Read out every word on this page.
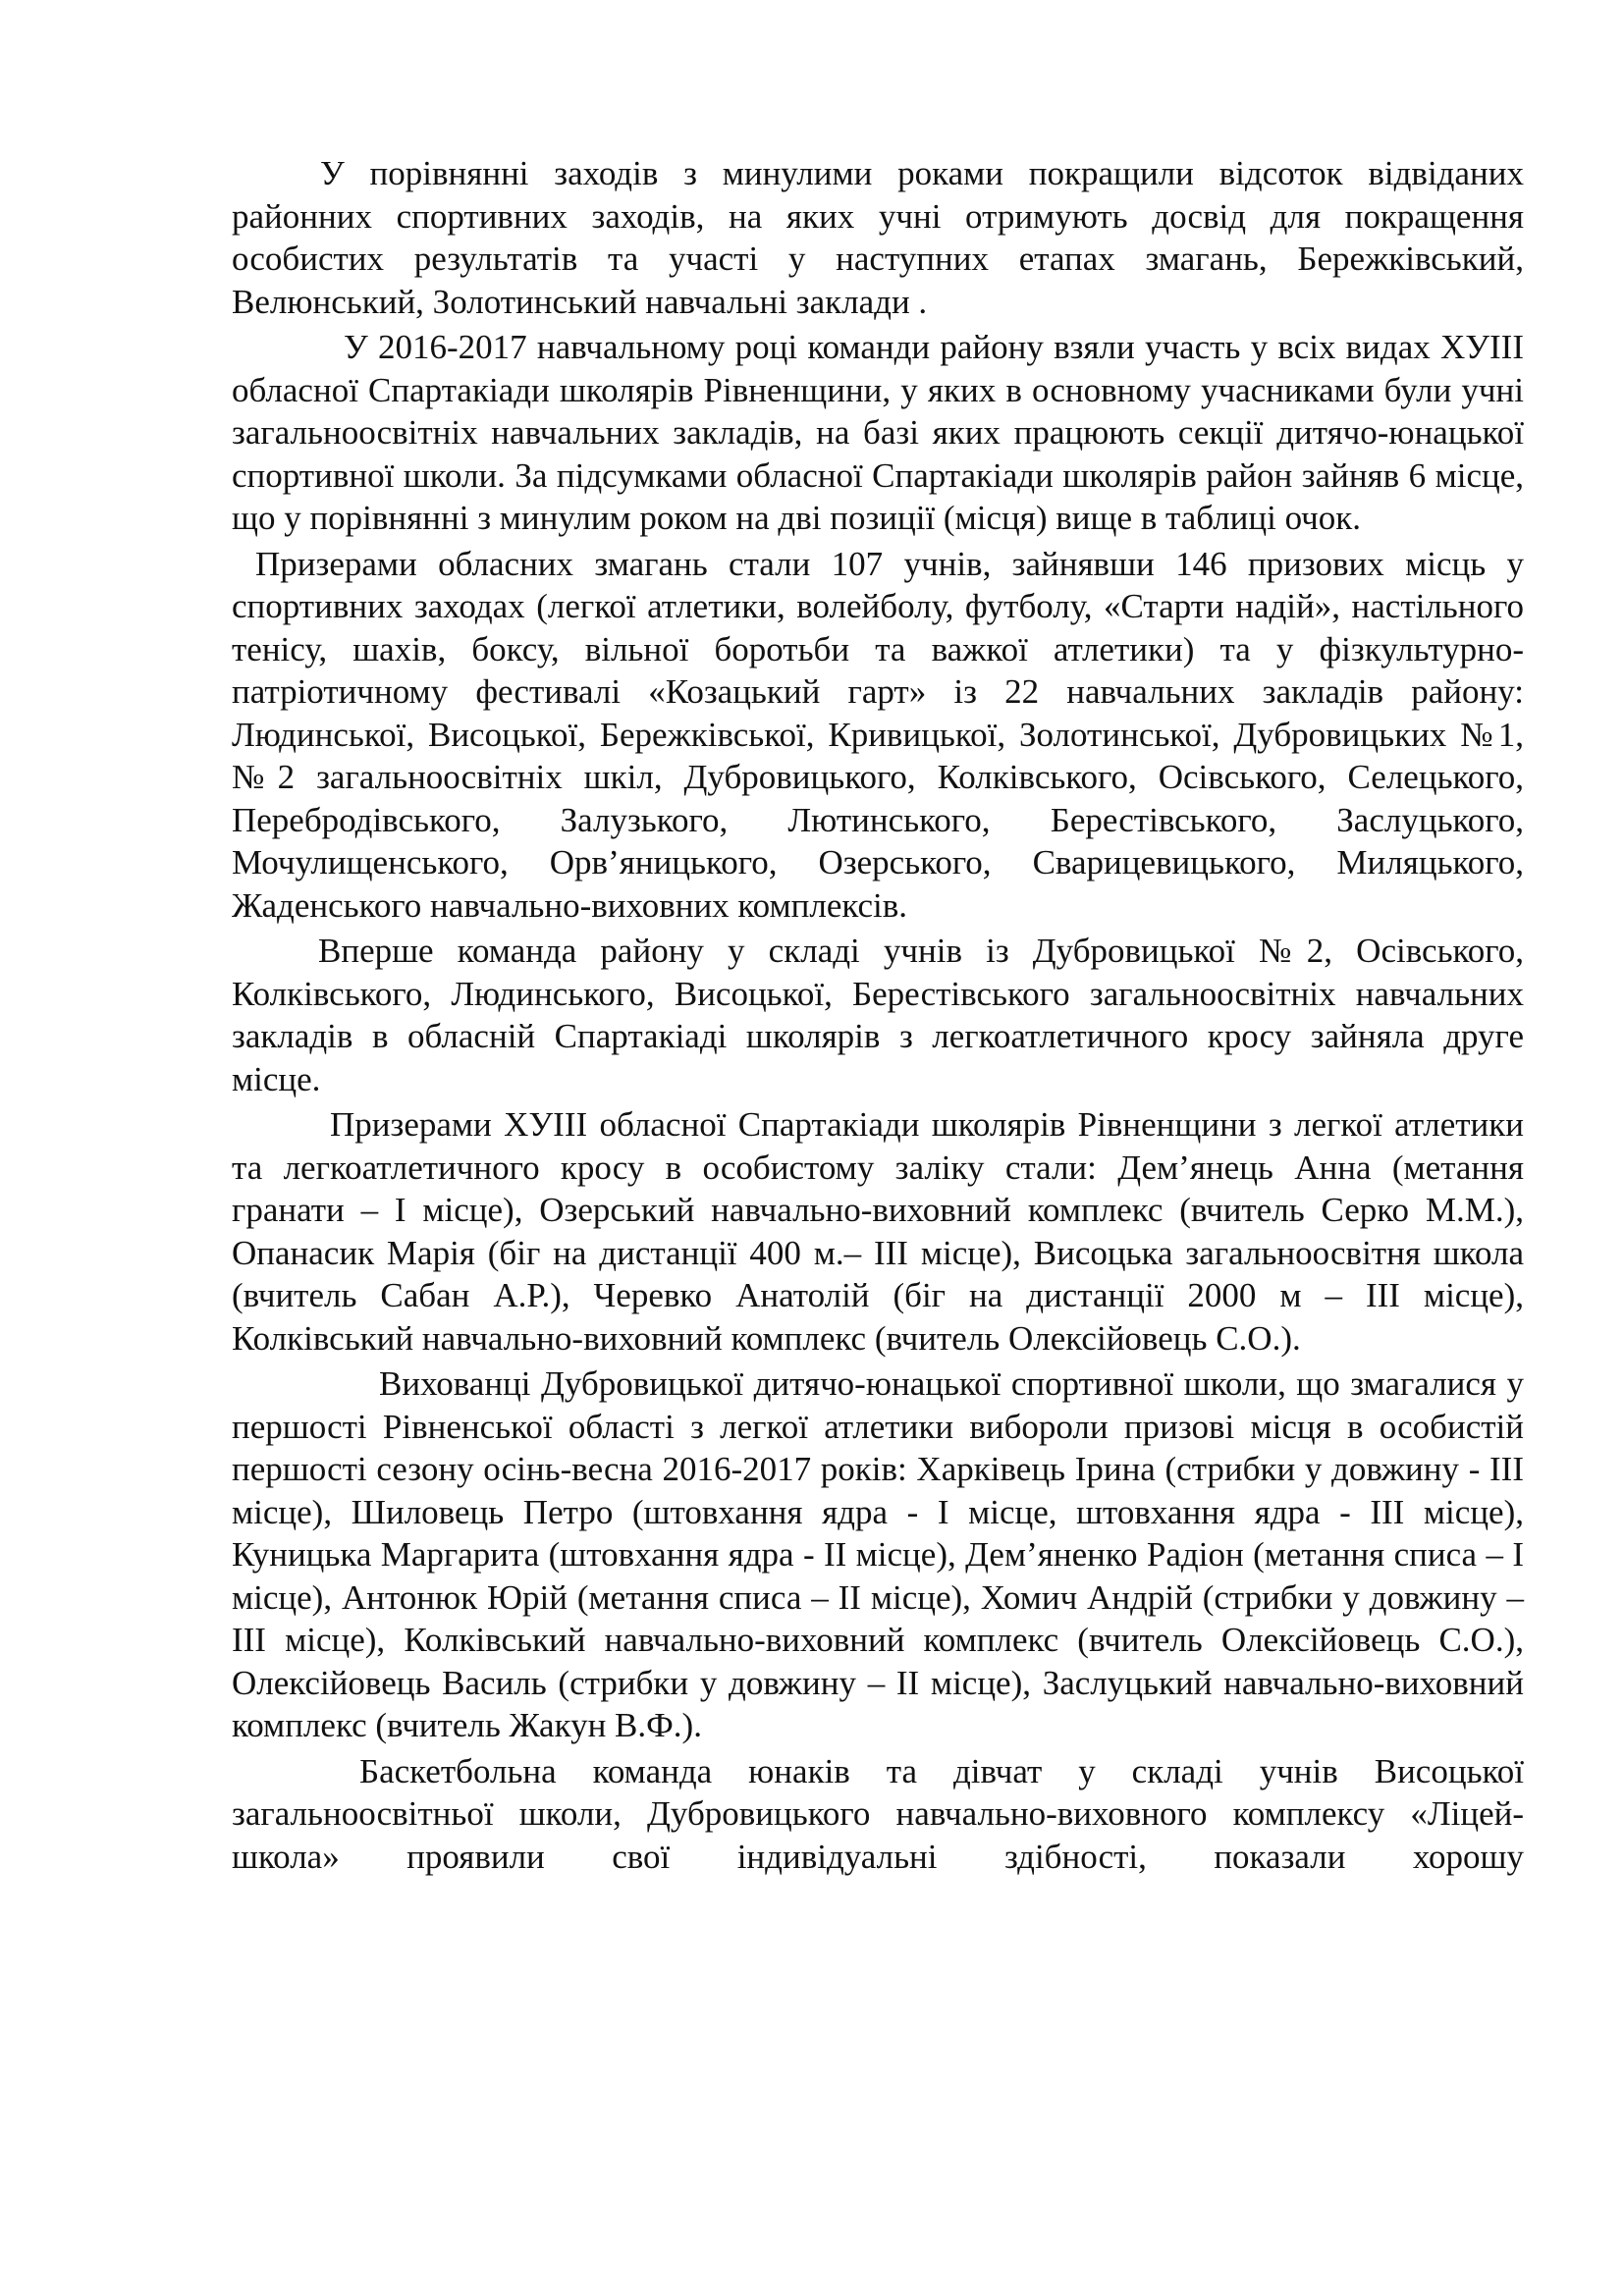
У порівнянні заходів з минулими роками покращили відсоток відвіданих районних спортивних заходів, на яких учні отримують досвід для покращення особистих результатів та участі у наступних етапах змагань, Бережківський, Велюнський, Золотинський навчальні заклади .

У 2016-2017 навчальному році команди району взяли участь у всіх видах ХУІІІ обласної Спартакіади школярів Рівненщини, у яких в основному учасниками були учні загальноосвітніх навчальних закладів, на базі яких працюють секції дитячо-юнацької спортивної школи. За підсумками обласної Спартакіади школярів район зайняв 6 місце, що у порівнянні з минулим роком на дві позиції (місця) вище в таблиці очок.

Призерами обласних змагань стали 107 учнів, зайнявши 146 призових місць у спортивних заходах (легкої атлетики, волейболу, футболу, «Старти надій», настільного тенісу, шахів, боксу, вільної боротьби та важкої атлетики) та у фізкультурно-патріотичному фестивалі «Козацький гарт» із 22 навчальних закладів району: Людинської, Висоцької, Бережківської, Кривицької, Золотинської, Дубровицьких №1, №2 загальноосвітніх шкіл, Дубровицького, Колківського, Осівського, Селецького, Перебродівського, Залузького, Лютинського, Берестівського, Заслуцького, Мочулищенського, Орв’яницького, Озерського, Сварицевицького, Миляцького, Жаденського навчально-виховних комплексів.

Вперше команда району у складі учнів із Дубровицької №2, Осівського, Колківського, Людинського, Висоцької, Берестівського загальноосвітніх навчальних закладів в обласній Спартакіаді школярів з легкоатлетичного кросу зайняла друге місце.

Призерами ХУІІІ обласної Спартакіади школярів Рівненщини з легкої атлетики та легкоатлетичного кросу в особистому заліку стали: Дем’янець Анна (метання гранати – І місце), Озерський навчально-виховний комплекс (вчитель Серко М.М.), Опанасик Марія (біг на дистанції 400 м.– ІІІ місце), Висоцька загальноосвітня школа (вчитель Сабан А.Р.), Черевко Анатолій (біг на дистанції 2000 м – ІІІ місце), Колківський навчально-виховний комплекс (вчитель Олексійовець С.О.).

Вихованці Дубровицької дитячо-юнацької спортивної школи, що змагалися у першості Рівненської області з легкої атлетики вибороли призові місця в особистій першості сезону осінь-весна 2016-2017 років: Харківець Ірина (стрибки у довжину - ІІІ місце), Шиловець Петро (штовхання ядра - І місце, штовхання ядра - ІІІ місце), Куницька Маргарита (штовхання ядра - ІІ місце), Дем’яненко Радіон (метання списа – І місце), Антонюк Юрій (метання списа – ІІ місце), Хомич Андрій (стрибки у довжину – ІІІ місце), Колківський навчально-виховний комплекс (вчитель Олексійовець С.О.), Олексійовець Василь (стрибки у довжину – ІІ місце), Заслуцький навчально-виховний комплекс (вчитель Жакун В.Ф.).

Баскетбольна команда юнаків та дівчат у складі учнів Висоцької загальноосвітньої школи, Дубровицького навчально-виховного комплексу «Ліцей-школа» проявили свої індивідуальні здібності, показали хорошу
